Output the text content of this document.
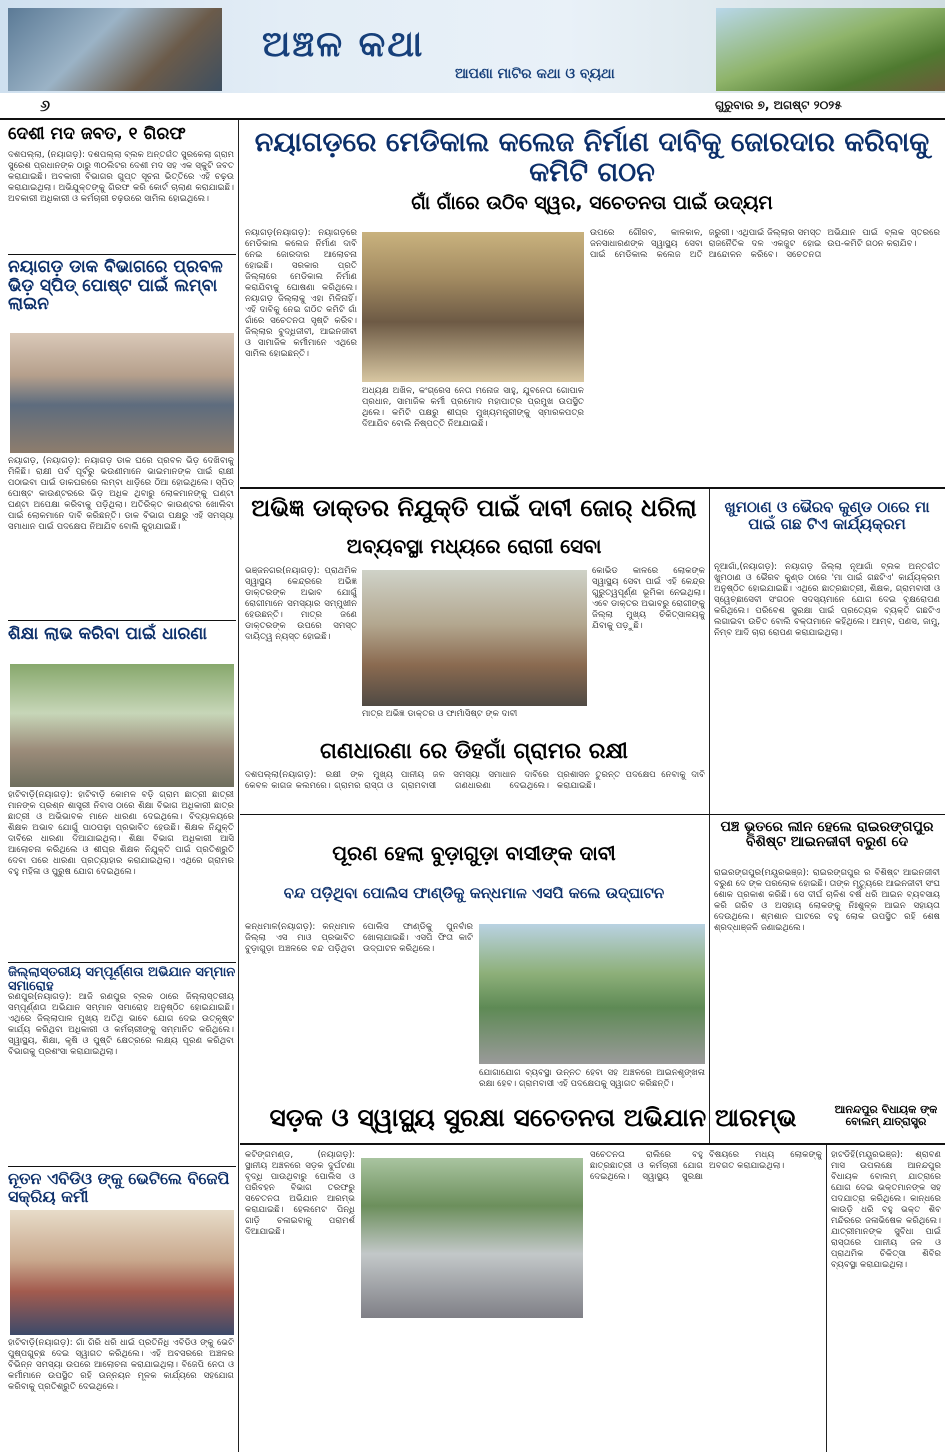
ଅଞ୍ଚଳ କଥା
ଆପଣା ମାଟିର କଥା ଓ ବ୍ୟଥା
୬	ଗୁରୁବାର ୭, ଅଗଷ୍ଟ ୨୦୨୫
ଦେଶୀ ମଦ ଜବତ, ୧ ଗିରଫ
ଦଶପଲ୍ଲା, (ନୟାଗଡ଼): ଦଶପଲ୍ଲା ବ୍ଲକ ଅନ୍ତର୍ଗତ ସୁରକେଲା ଗ୍ରାମ ସୁରେଶ ପ୍ରଧାନଙ୍କ ଠାରୁ ୩୦ଲିଟର ଦେଶୀ ମଦ ସହ ଏକ ସ୍କୁଟି ଜବତ କରାଯାଇଛି। ଅବକାରୀ ବିଭାଗର ଗୁପ୍ତ ସୂଚନା ଭିତ୍ତିରେ ଏହି ଚଢ଼ଉ କରାଯାଇଥିଲା। ଅଭିଯୁକ୍ତଙ୍କୁ ଗିରଫ କରି କୋର୍ଟ ଚାଲାଣ କରାଯାଇଛି। ଅବକାରୀ ଅଧିକାରୀ ଓ କର୍ମଚାରୀ ଚଢ଼ଉରେ ସାମିଲ ହୋଇଥିଲେ।
ନୟାଗଡ଼ ଡାକ ବିଭାଗରେ ପ୍ରବଳ ଭିଡ଼ ସ୍ପିଡ୍ ପୋଷ୍ଟ ପାଇଁ ଲମ୍ବା ଲାଇନ
ନୟାଗଡ଼, (ନୟାଗଡ଼): ନୟାଗଡ଼ ଡାକ ଘରେ ପ୍ରବଳ ଭିଡ଼ ଦେଖିବାକୁ ମିଳିଛି। ରାକ୍ଷୀ ପର୍ବ ପୂର୍ବରୁ ଭଉଣୀମାନେ ଭାଇମାନଙ୍କ ପାଇଁ ରାକ୍ଷୀ ପଠାଇବା ପାଇଁ ଡାକଘରରେ ଲମ୍ବା ଧାଡ଼ିରେ ଠିଆ ହୋଇଥିଲେ। ସ୍ପିଡ୍ ପୋଷ୍ଟ କାଉଣ୍ଟରରେ ଭିଡ଼ ଅଧିକ ଥିବାରୁ ଲୋକମାନଙ୍କୁ ଘଣ୍ଟା ଘଣ୍ଟା ଅପେକ୍ଷା କରିବାକୁ ପଡ଼ିଥିଲା। ଅତିରିକ୍ତ କାଉଣ୍ଟର ଖୋଲିବା ପାଇଁ ଲୋକମାନେ ଦାବି କରିଛନ୍ତି। ଡାକ ବିଭାଗ ପକ୍ଷରୁ ଏହି ସମସ୍ୟା ସମାଧାନ ପାଇଁ ପଦକ୍ଷେପ ନିଆଯିବ ବୋଲି କୁହାଯାଇଛି।
ଶିକ୍ଷା ଲାଭ କରିବା ପାଇଁ ଧାରଣା
ହାଟିବାଡ଼ି(ନୟାଗଡ଼): ହାଟିବାଡ଼ି କୋମଳ ବଡ଼ି ଗ୍ରାମ ଛାତ୍ରୀ ଛାତ୍ରୀ ମାନଙ୍କ ପ୍ରଶ୍ନ ଶାସ୍ତ୍ରୀ ନିବାସ ଠାରେ ଶିକ୍ଷା ବିଭାଗ ଅଧିକାରୀ ଛାତ୍ର ଛାତ୍ରୀ ଓ ଅଭିଭାବକ ମାନେ ଧାରଣା ଦେଇଥିଲେ। ବିଦ୍ୟାଳୟରେ ଶିକ୍ଷକ ଅଭାବ ଯୋଗୁଁ ପାଠପଢ଼ା ପ୍ରଭାବିତ ହେଉଛି। ଶିକ୍ଷକ ନିଯୁକ୍ତି ଦାବିରେ ଧାରଣା ଦିଆଯାଇଥିଲା। ଶିକ୍ଷା ବିଭାଗ ଅଧିକାରୀ ଆସି ଆଲୋଚନା କରିଥିଲେ ଓ ଶୀଘ୍ର ଶିକ୍ଷକ ନିଯୁକ୍ତି ପାଇଁ ପ୍ରତିଶ୍ରୁତି ଦେବା ପରେ ଧାରଣା ପ୍ରତ୍ୟାହାର କରାଯାଇଥିଲା। ଏଥିରେ ଗ୍ରାମର ବହୁ ମହିଳା ଓ ପୁରୁଷ ଯୋଗ ଦେଇଥିଲେ।
ଜିଲ୍ଲାସ୍ତରୀୟ ସମ୍ପୂର୍ଣ୍ଣତା ଅଭିଯାନ ସମ୍ମାନ ସମାରୋହ
ରଣପୁର(ନୟାଗଡ଼): ଆଜି ରଣପୁର ବ୍ଲକ ଠାରେ ଜିଲ୍ଲାସ୍ତରୀୟ ସମ୍ପୂର୍ଣ୍ଣତା ଅଭିଯାନ ସମ୍ମାନ ସମାରୋହ ଅନୁଷ୍ଠିତ ହୋଇଯାଇଛି। ଏଥିରେ ଜିଲ୍ଲାପାଳ ମୁଖ୍ୟ ଅତିଥି ଭାବେ ଯୋଗ ଦେଇ ଉତ୍କୃଷ୍ଟ କାର୍ଯ୍ୟ କରିଥିବା ଅଧିକାରୀ ଓ କର୍ମଚାରୀଙ୍କୁ ସମ୍ମାନିତ କରିଥିଲେ। ସ୍ୱାସ୍ଥ୍ୟ, ଶିକ୍ଷା, କୃଷି ଓ ପୁଷ୍ଟି କ୍ଷେତ୍ରରେ ଲକ୍ଷ୍ୟ ପୂରଣ କରିଥିବା ବିଭାଗକୁ ପ୍ରଶଂସା କରାଯାଇଥିଲା।
ନୂତନ ଏବିଡିଓ ଙ୍କୁ ଭେଟିଲେ ବିଜେପି ସକ୍ରିୟ କର୍ମୀ
ହାଟିବାଡ଼ି(ନୟାଗଡ଼): ଗାଁ ଗିରି ଧରି ଧାଇଁ ପ୍ରତିନିଧି ଏବିଡିଓ ଙ୍କୁ ଭେଟି ପୁଷ୍ପଗୁଚ୍ଛ ଦେଇ ସ୍ୱାଗତ କରିଥିଲେ। ଏହି ଅବସରରେ ଅଞ୍ଚଳର ବିଭିନ୍ନ ସମସ୍ୟା ଉପରେ ଆଲୋଚନା କରାଯାଇଥିଲା। ବିଜେପି ନେତା ଓ କର୍ମୀମାନେ ଉପସ୍ଥିତ ରହି ଉନ୍ନୟନ ମୂଳକ କାର୍ଯ୍ୟରେ ସହଯୋଗ କରିବାକୁ ପ୍ରତିଶ୍ରୁତି ଦେଇଥିଲେ।
ନୟାଗଡ଼ରେ ମେଡିକାଲ କଲେଜ ନିର୍ମାଣ ଦାବିକୁ ଜୋରଦାର କରିବାକୁ କମିଟି ଗଠନ
ଗାଁ ଗାଁରେ ଉଠିବ ସ୍ୱର, ସଚେତନତା ପାଇଁ ଉଦ୍ୟମ
ନୟାଗଡ଼(ନୟାଗଡ଼): ନୟାଗଡ଼ରେ ମେଡିକାଲ କଲେଜ ନିର୍ମାଣ ଦାବି ନେଇ ଜୋରଦାର ଆଲୋଚନା ହୋଇଛି। ସରକାର ପ୍ରତି ଜିଲ୍ଲାରେ ମେଡିକାଲ ନିର୍ମାଣ କରାଯିବାକୁ ଘୋଷଣା କରିଥିଲେ। ନୟାଗଡ଼ ଜିଲ୍ଲାକୁ ଏହା ମିଳିନାହିଁ। ଏହି ଦାବିକୁ ନେଇ ଗଠିତ କମିଟି ଗାଁ ଗାଁରେ ସଚେତନତା ସୃଷ୍ଟି କରିବ। ଜିଲ୍ଲାର ବୁଦ୍ଧିଜୀବୀ, ଆଇନଜୀବୀ ଓ ସାମାଜିକ କର୍ମୀମାନେ ଏଥିରେ ସାମିଲ ହୋଇଛନ୍ତି।
ଅଧ୍ୟକ୍ଷ ଅଖିଳ, କଂଗ୍ରେସ ନେତା ମନୋଜ ସାହୁ, ଯୁବନେତା ଗୋପାଳ ପ୍ରଧାନ, ସାମାଜିକ କର୍ମୀ ପ୍ରମୋଦ ମହାପାତ୍ର ପ୍ରମୁଖ ଉପସ୍ଥିତ ଥିଲେ। କମିଟି ପକ୍ଷରୁ ଶୀଘ୍ର ମୁଖ୍ୟମନ୍ତ୍ରୀଙ୍କୁ ସ୍ମାରକପତ୍ର ଦିଆଯିବ ବୋଲି ନିଷ୍ପତ୍ତି ନିଆଯାଇଛି।
ଉପରେ ଗୌରବ, କାଳକାଳ, ଜନସାଧାରଣଙ୍କ ସ୍ୱାସ୍ଥ୍ୟ ସେବା ପାଇଁ ମେଡିକାଲ କଲେଜ ଅତି ଜରୁରୀ। ଏଥିପାଇଁ ଜିଲ୍ଲାର ସମସ୍ତ ରାଜନୈତିକ ଦଳ ଏକଜୁଟ ହୋଇ ଆନ୍ଦୋଳନ କରିବେ। ସଚେତନତା ଅଭିଯାନ ପାଇଁ ବ୍ଲକ ସ୍ତରରେ ଉପ-କମିଟି ଗଠନ କରାଯିବ।
ଅଭିଜ୍ଞ ଡାକ୍ତର ନିଯୁକ୍ତି ପାଇଁ ଦାବୀ ଜୋର୍ ଧରିଲା
ଅବ୍ୟବସ୍ଥା ମଧ୍ୟରେ ରୋଗୀ ସେବା
ଭଞ୍ଜନଗର(ନୟାଗଡ଼): ପ୍ରାଥମିକ ସ୍ୱାସ୍ଥ୍ୟ କେନ୍ଦ୍ରରେ ଅଭିଜ୍ଞ ଡାକ୍ତରଙ୍କ ଅଭାବ ଯୋଗୁଁ ରୋଗୀମାନେ ସମସ୍ୟାର ସମ୍ମୁଖୀନ ହେଉଛନ୍ତି। ମାତ୍ର ଜଣେ ଡାକ୍ତରଙ୍କ ଉପରେ ସମସ୍ତ ଦାୟିତ୍ୱ ନ୍ୟସ୍ତ ହୋଇଛି।
ମାତ୍ର ଅଭିଜ୍ଞ ଡାକ୍ତର ଓ ଫାର୍ମାସିଷ୍ଟ ଙ୍କ ଦାବୀ
କୋଭିଡ କାଳରେ ଲୋକଙ୍କ ସ୍ୱାସ୍ଥ୍ୟ ସେବା ପାଇଁ ଏହି କେନ୍ଦ୍ର ଗୁରୁତ୍ୱପୂର୍ଣ୍ଣ ଭୂମିକା ନେଇଥିଲା। ଏବେ ଡାକ୍ତର ଅଭାବରୁ ରୋଗୀଙ୍କୁ ଜିଲ୍ଲା ମୁଖ୍ୟ ଚିକିତ୍ସାଳୟକୁ ଯିବାକୁ ପଡ଼ୁଛି।
ଗଣଧାରଣା ରେ ଡିହଗାଁ ଗ୍ରାମର ରକ୍ଷୀ
ଦଶପଲ୍ଲା(ନୟାଗଡ଼): ରକ୍ଷୀ ଙ୍କ ମୁଖ୍ୟ କେବଳ କାଗଜ କଲମରେ। ଗ୍ରାମର ରାସ୍ତା ଓ ପାନୀୟ ଜଳ ସମସ୍ୟା ସମାଧାନ ଦାବିରେ ଗ୍ରାମବାସୀ ଗଣଧାରଣା ଦେଇଥିଲେ। ପ୍ରଶାସନ ତୁରନ୍ତ ପଦକ୍ଷେପ ନେବାକୁ ଦାବି କରାଯାଇଛି।
ଖୁମଠାଣ ଓ ଭୈରବ କୁଣ୍ଡ ଠାରେ ମା ପାଇଁ ଗଛ ଟିଏ କାର୍ଯ୍ୟକ୍ରମ
ନୂଆଗାଁ,(ନୟାଗଡ଼): ନୟାଗଡ଼ ଜିଲ୍ଲା ନୂଆଗାଁ ବ୍ଲକ ଅନ୍ତର୍ଗତ ଖୁମଠାଣ ଓ ଭୈରବ କୁଣ୍ଡ ଠାରେ 'ମା ପାଇଁ ଗଛଟିଏ' କାର୍ଯ୍ୟକ୍ରମ ଅନୁଷ୍ଠିତ ହୋଇଯାଇଛି। ଏଥିରେ ଛାତ୍ରଛାତ୍ରୀ, ଶିକ୍ଷକ, ଗ୍ରାମବାସୀ ଓ ସ୍ୱେଚ୍ଛାସେବୀ ସଂଗଠନ ସଦସ୍ୟମାନେ ଯୋଗ ଦେଇ ବୃକ୍ଷରୋପଣ କରିଥିଲେ। ପରିବେଶ ସୁରକ୍ଷା ପାଇଁ ପ୍ରତ୍ୟେକ ବ୍ୟକ୍ତି ଗଛଟିଏ ଲଗାଇବା ଉଚିତ ବୋଲି ବକ୍ତାମାନେ କହିଥିଲେ। ଆମ୍ବ, ପଣସ, ଜାମୁ, ନିମ୍ବ ଆଦି ଚାରା ରୋପଣ କରାଯାଇଥିଲା।
ପଞ୍ଚ ଭୂତରେ ଲୀନ ହେଲେ ରାଇରଙ୍ଗପୁର ବିଶିଷ୍ଟ ଆଇନଜୀବୀ ବରୁଣ ଦେ
ରାଇରଙ୍ଗପୁର(ମୟୂରଭଞ୍ଜ): ରାଇରଙ୍ଗପୁର ର ବିଶିଷ୍ଟ ଆଇନଜୀବୀ ବରୁଣ ଦେ ଙ୍କ ପରଲୋକ ହୋଇଛି। ତାଙ୍କ ମୃତ୍ୟୁରେ ଆଇନଜୀବୀ ସଂଘ ଶୋକ ପ୍ରକାଶ କରିଛି। ସେ ଦୀର୍ଘ ଚାଳିଶ ବର୍ଷ ଧରି ଆଇନ ବ୍ୟବସାୟ କରି ଗରିବ ଓ ଅସହାୟ ଲୋକଙ୍କୁ ନିଃଶୁଳ୍କ ଆଇନ ସହାୟତା ଦେଉଥିଲେ। ଶ୍ମଶାନ ଘାଟରେ ବହୁ ଲୋକ ଉପସ୍ଥିତ ରହି ଶେଷ ଶ୍ରଦ୍ଧାଞ୍ଜଳି ଜଣାଇଥିଲେ।
ପୂରଣ ହେଲା ବୁଡ଼ାଗୁଡ଼ା ବାସୀଙ୍କ ଦାବୀ
ବନ୍ଦ ପଡ଼ିଥିବା ପୋଲିସ ଫାଣ୍ଡିକୁ କନ୍ଧମାଳ ଏସପି କଲେ ଉଦ୍‌ଘାଟନ
କନ୍ଧମାଳ(ନୟାଗଡ଼): କନ୍ଧମାଳ ଜିଲ୍ଲା ଏସ ମାଓ ପ୍ରଭାବିତ ବୁଡ଼ାଗୁଡ଼ା ଅଞ୍ଚଳରେ ବନ୍ଦ ପଡ଼ିଥିବା ପୋଲିସ ଫାଣ୍ଡିକୁ ପୁନର୍ବାର ଖୋଲାଯାଇଛି। ଏସପି ଫିତା କାଟି ଉଦ୍‌ଘାଟନ କରିଥିଲେ।
ଯୋଗାଯୋଗ ବ୍ୟବସ୍ଥା ଉନ୍ନତ ହେବା ସହ ଅଞ୍ଚଳରେ ଆଇନଶୃଙ୍ଖଳା ରକ୍ଷା ହେବ। ଗ୍ରାମବାସୀ ଏହି ପଦକ୍ଷେପକୁ ସ୍ୱାଗତ କରିଛନ୍ତି।
ସଡ଼କ ଓ ସ୍ୱାସ୍ଥ୍ୟ ସୁରକ୍ଷା ସଚେତନତା ଅଭିଯାନ ଆରମ୍ଭ
କଟିଙ୍ଗମଣ୍ଡ, (ନୟାଗଡ଼): ସ୍ଥାନୀୟ ଅଞ୍ଚଳରେ ସଡ଼କ ଦୁର୍ଘଟଣା ବୃଦ୍ଧି ପାଉଥିବାରୁ ପୋଲିସ ଓ ପରିବହନ ବିଭାଗ ତରଫରୁ ସଚେତନତା ଅଭିଯାନ ଆରମ୍ଭ କରାଯାଇଛି। ହେଲମେଟ ପିନ୍ଧି ଗାଡ଼ି ଚଳାଇବାକୁ ପରାମର୍ଶ ଦିଆଯାଇଛି।
ସଚେତନତା ରାଲିରେ ବହୁ ଛାତ୍ରଛାତ୍ରୀ ଓ କର୍ମଚାରୀ ଯୋଗ ଦେଇଥିଲେ। ସ୍ୱାସ୍ଥ୍ୟ ସୁରକ୍ଷା ବିଷୟରେ ମଧ୍ୟ ଲୋକଙ୍କୁ ଅବଗତ କରାଯାଇଥିଲା।
ଆନନ୍ଦପୁର ବିଧାୟକ ଙ୍କ ବୋଲମ୍ ଯାତ୍ରାସ୍ତ୍ର
ହାଟଡିହି(ମୟୂରଭଞ୍ଜ): ଶ୍ରାବଣ ମାସ ଉପଲକ୍ଷେ ଆନନ୍ଦପୁର ବିଧାୟକ ବୋଲମ୍ ଯାତ୍ରାରେ ଯୋଗ ଦେଇ ଭକ୍ତମାନଙ୍କ ସହ ପଦଯାତ୍ରା କରିଥିଲେ। କାନ୍ଧରେ କାଉଡ଼ି ଧରି ବହୁ ଭକ୍ତ ଶିବ ମନ୍ଦିରରେ ଜଳାଭିଷେକ କରିଥିଲେ। ଯାତ୍ରୀମାନଙ୍କ ସୁବିଧା ପାଇଁ ରାସ୍ତାରେ ପାନୀୟ ଜଳ ଓ ପ୍ରାଥମିକ ଚିକିତ୍ସା ଶିବିର ବ୍ୟବସ୍ଥା କରାଯାଇଥିଲା।
